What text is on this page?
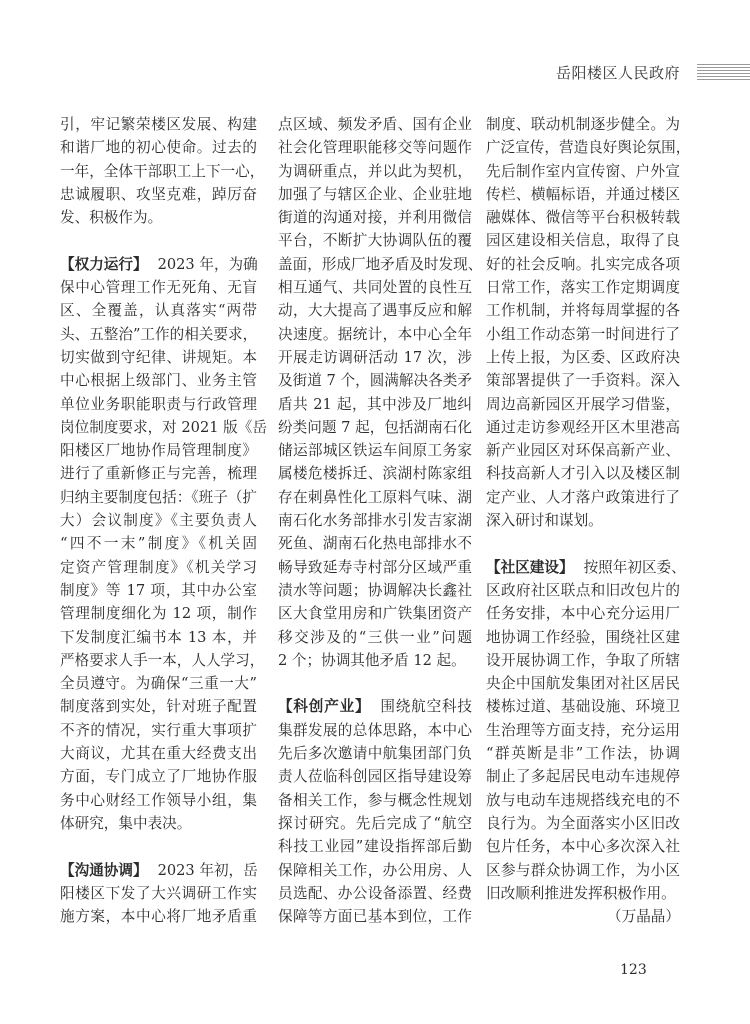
岳阳楼区人民政府
引，牢记繁荣楼区发展、构建
和谐厂地的初心使命。过去的
一年，全体干部职工上下一心，
忠诚履职、攻坚克难，踔厉奋
发、积极作为。
【权力运行】 2023 年，为确
保中心管理工作无死角、无盲
区、全覆盖，认真落实“两带
头、五整治”工作的相关要求，
切实做到守纪律、讲规矩。本
中心根据上级部门、业务主管
单位业务职能职责与行政管理
岗位制度要求，对 2021 版《岳
阳楼区厂地协作局管理制度》
进行了重新修正与完善，梳理
归纳主要制度包括：《班子（扩
大）会议制度》《主要负责人
“四不一末”制度》《机关固
定资产管理制度》《机关学习
制度》等 17 项，其中办公室
管理制度细化为 12 项，制作
下发制度汇编书本 13 本，并
严格要求人手一本，人人学习，
全员遵守。为确保“三重一大”
制度落到实处，针对班子配置
不齐的情况，实行重大事项扩
大商议，尤其在重大经费支出
方面，专门成立了厂地协作服
务中心财经工作领导小组，集
体研究，集中表决。
【沟通协调】 2023 年初，岳
阳楼区下发了大兴调研工作实
施方案，本中心将厂地矛盾重
点区域、频发矛盾、国有企业
社会化管理职能移交等问题作
为调研重点，并以此为契机，
加强了与辖区企业、企业驻地
街道的沟通对接，并利用微信
平台，不断扩大协调队伍的覆
盖面，形成厂地矛盾及时发现、
相互通气、共同处置的良性互
动，大大提高了遇事反应和解
决速度。据统计，本中心全年
开展走访调研活动 17 次，涉
及街道 7 个，圆满解决各类矛
盾共 21 起，其中涉及厂地纠
纷类问题 7 起，包括湖南石化
储运部城区铁运车间原工务家
属楼危楼拆迁、滨湖村陈家组
存在刺鼻性化工原料气味、湖
南石化水务部排水引发吉家湖
死鱼、湖南石化热电部排水不
畅导致延寿寺村部分区域严重
渍水等问题；协调解决长鑫社
区大食堂用房和广铁集团资产
移交涉及的“三供一业”问题
2 个；协调其他矛盾 12 起。
【科创产业】 围绕航空科技
集群发展的总体思路，本中心
先后多次邀请中航集团部门负
责人莅临科创园区指导建设筹
备相关工作，参与概念性规划
探讨研究。先后完成了“航空
科技工业园”建设指挥部后勤
保障相关工作，办公用房、人
员选配、办公设备添置、经费
保障等方面已基本到位，工作
制度、联动机制逐步健全。为
广泛宣传，营造良好舆论氛围，
先后制作室内宣传窗、户外宣
传栏、横幅标语，并通过楼区
融媒体、微信等平台积极转载
园区建设相关信息，取得了良
好的社会反响。扎实完成各项
日常工作，落实工作定期调度
工作机制，并将每周掌握的各
小组工作动态第一时间进行了
上传上报，为区委、区政府决
策部署提供了一手资料。深入
周边高新园区开展学习借鉴，
通过走访参观经开区木里港高
新产业园区对环保高新产业、
科技高新人才引入以及楼区制
定产业、人才落户政策进行了
深入研讨和谋划。
【社区建设】 按照年初区委、
区政府社区联点和旧改包片的
任务安排，本中心充分运用厂
地协调工作经验，围绕社区建
设开展协调工作，争取了所辖
央企中国航发集团对社区居民
楼栋过道、基础设施、环境卫
生治理等方面支持，充分运用
“群英断是非”工作法，协调
制止了多起居民电动车违规停
放与电动车违规搭线充电的不
良行为。为全面落实小区旧改
包片任务，本中心多次深入社
区参与群众协调工作，为小区
旧改顺利推进发挥积极作用。
（万晶晶）
123
